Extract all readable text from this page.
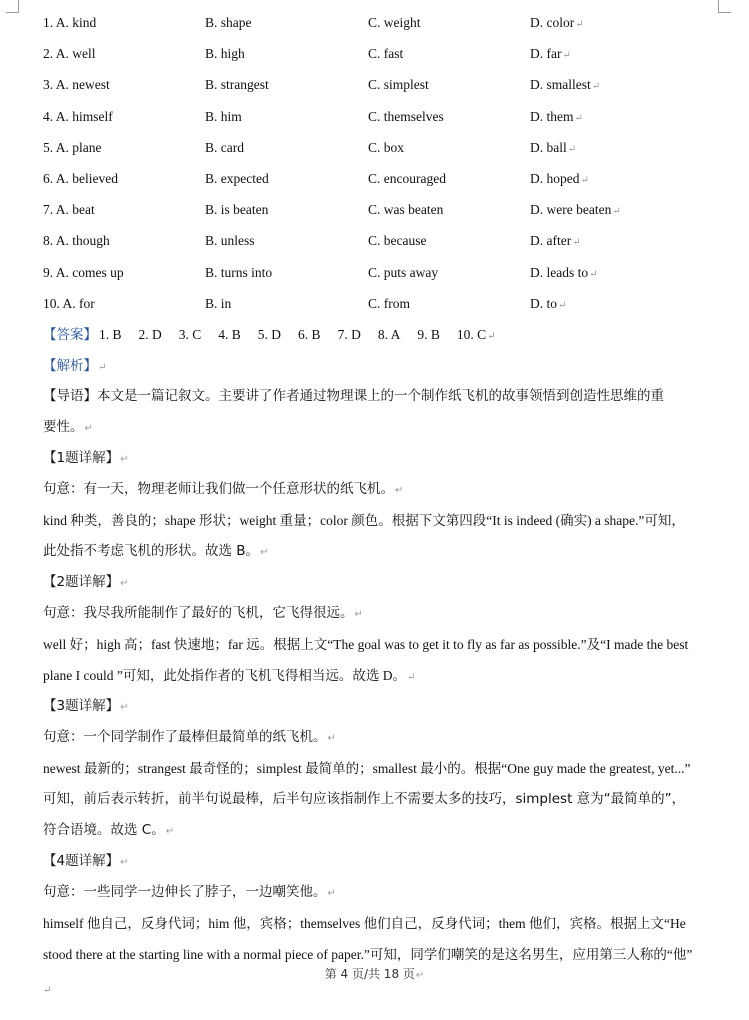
1. A. kind	B. shape	C. weight	D. color↵
2. A. well	B. high	C. fast	D. far↵
3. A. newest	B. strangest	C. simplest	D. smallest↵
4. A. himself	B. him	C. themselves	D. them↵
5. A. plane	B. card	C. box	D. ball↵
6. A. believed	B. expected	C. encouraged	D. hoped↵
7. A. beat	B. is beaten	C. was beaten	D. were beaten↵
8. A. though	B. unless	C. because	D. after↵
9. A. comes up	B. turns into	C. puts away	D. leads to↵
10. A. for	B. in	C. from	D. to↵
【答案】 1. B 2. D 3. C 4. B 5. D 6. B 7. D 8. A 9. B 10. C↵
【解析】↵
【导语】本文是一篇记叙文。主要讲了作者通过物理课上的一个制作纸飞机的故事领悟到创造性思维的重
要性。↵
【1题详解】↵
句意：有一天，物理老师让我们做一个任意形状的纸飞机。↵
kind 种类，善良的；shape 形状；weight 重量；color 颜色。根据下文第四段“It is indeed (确实) a shape.”可知，
此处指不考虑飞机的形状。故选 B。↵
【2题详解】↵
句意：我尽我所能制作了最好的飞机，它飞得很远。↵
well 好；high 高；fast 快速地；far 远。根据上文“The goal was to get it to fly as far as possible.”及“I made the best
plane I could ”可知，此处指作者的飞机飞得相当远。故选 D。↵
【3题详解】↵
句意：一个同学制作了最棒但最简单的纸飞机。↵
newest 最新的；strangest 最奇怪的；simplest 最简单的；smallest 最小的。根据“One guy made the greatest, yet...”
可知，前后表示转折，前半句说最棒，后半句应该指制作上不需要太多的技巧，simplest 意为“最简单的”，
符合语境。故选 C。↵
【4题详解】↵
句意：一些同学一边伸长了脖子，一边嘲笑他。↵
himself 他自己，反身代词；him 他，宾格；themselves 他们自己，反身代词；them 他们，宾格。根据上文“He
stood there at the starting line with a normal piece of paper.”可知，同学们嘲笑的是这名男生，应用第三人称的“他”
第 4 页/共 18 页↵
↵
